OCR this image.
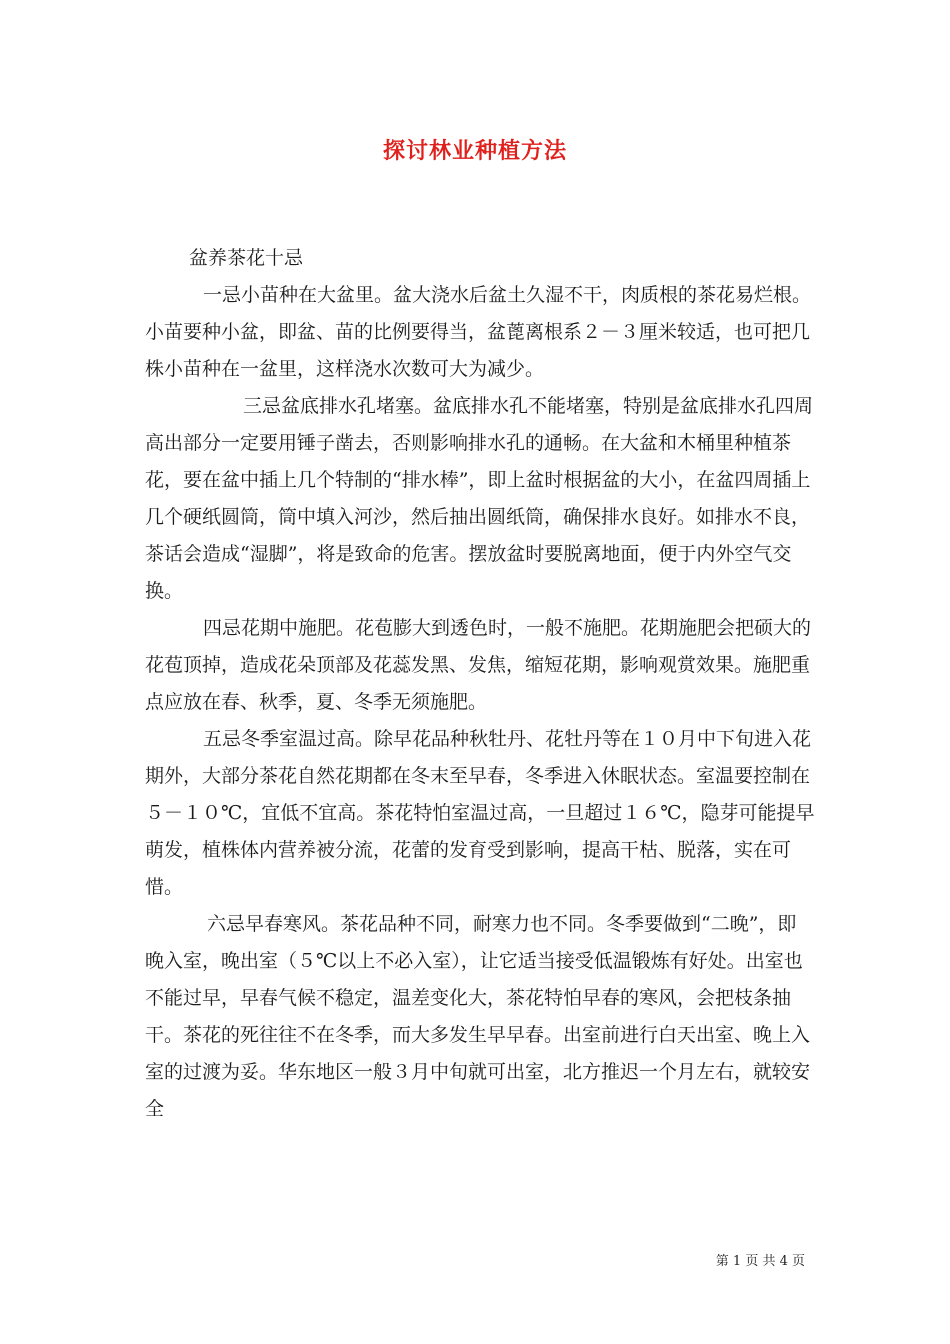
探讨林业种植方法

盆养茶花十忌

一忌小苗种在大盆里。盆大浇水后盆土久湿不干，肉质根的茶花易烂根。小苗要种小盆，即盆、苗的比例要得当，盆蓖离根系２－３厘米较适，也可把几株小苗种在一盆里，这样浇水次数可大为减少。

三忌盆底排水孔堵塞。盆底排水孔不能堵塞，特别是盆底排水孔四周高出部分一定要用锤子凿去，否则影响排水孔的通畅。在大盆和木桶里种植茶花，要在盆中插上几个特制的“排水棒”，即上盆时根据盆的大小，在盆四周插上几个硬纸圆筒，筒中填入河沙，然后抽出圆纸筒，确保排水良好。如排水不良，茶话会造成“湿脚”，将是致命的危害。摆放盆时要脱离地面，便于内外空气交换。

四忌花期中施肥。花苞膨大到透色时，一般不施肥。花期施肥会把硕大的花苞顶掉，造成花朵顶部及花蕊发黑、发焦，缩短花期，影响观赏效果。施肥重点应放在春、秋季，夏、冬季无须施肥。

五忌冬季室温过高。除早花品种秋牡丹、花牡丹等在１０月中下旬进入花期外，大部分茶花自然花期都在冬末至早春，冬季进入休眠状态。室温要控制在５－１０℃，宜低不宜高。茶花特怕室温过高，一旦超过１６℃，隐芽可能提早萌发，植株体内营养被分流，花蕾的发育受到影响，提高干枯、脱落，实在可惜。

六忌早春寒风。茶花品种不同，耐寒力也不同。冬季要做到“二晚”，即晚入室，晚出室（５℃以上不必入室），让它适当接受低温锻炼有好处。出室也不能过早，早春气候不稳定，温差变化大，茶花特怕早春的寒风，会把枝条抽干。茶花的死往往不在冬季，而大多发生早早春。出室前进行白天出室、晚上入室的过渡为妥。华东地区一般３月中旬就可出室，北方推迟一个月左右，就较安全

第 1 页 共 4 页
